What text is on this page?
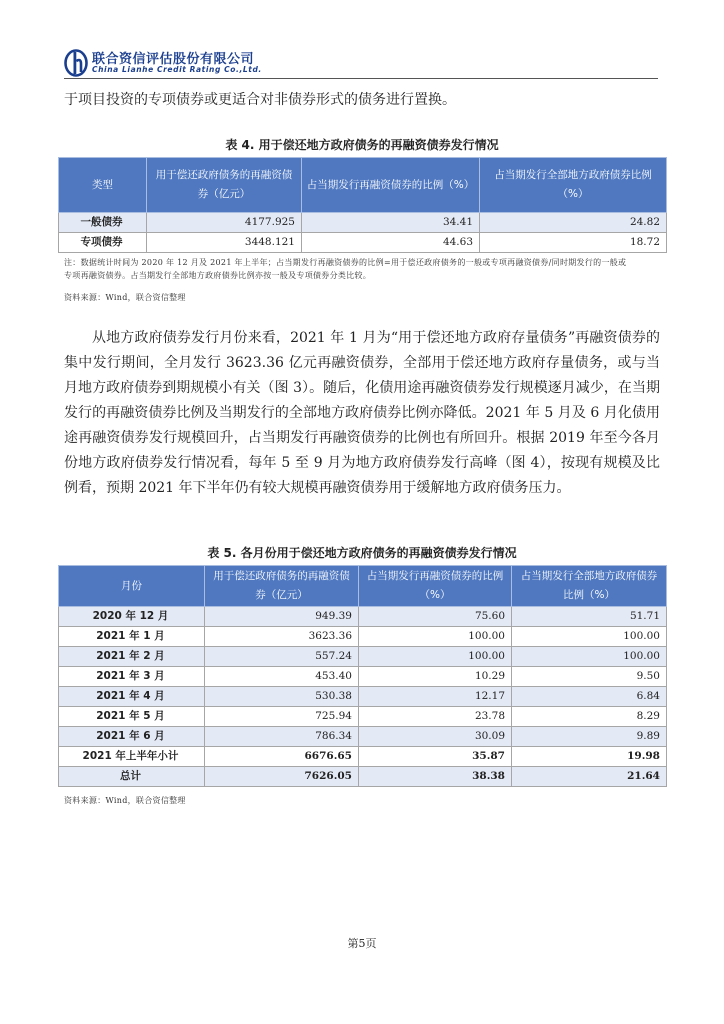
联合资信评估股份有限公司
China Lianhe Credit Rating Co.,Ltd.
于项目投资的专项债券或更适合对非债券形式的债务进行置换。
表 4. 用于偿还地方政府债务的再融资债券发行情况
类型	用于偿还政府债务的再融资债券（亿元）	占当期发行再融资债券的比例（%）	占当期发行全部地方政府债券比例（%）
一般债券	4177.925	34.41	24.82
专项债券	3448.121	44.63	18.72
注：数据统计时间为 2020 年 12 月及 2021 年上半年；占当期发行再融资债券的比例=用于偿还政府债务的一般或专项再融资债券/同时期发行的一般或
专项再融资债券。占当期发行全部地方政府债券比例亦按一般及专项债券分类比较。
资料来源：Wind，联合资信整理
从地方政府债券发行月份来看，2021 年 1 月为“用于偿还地方政府存量债务”再融资债券的集中发行期间，全月发行 3623.36 亿元再融资债券，全部用于偿还地方政府存量债务，或与当月地方政府债券到期规模小有关（图 3）。随后，化债用途再融资债券发行规模逐月减少，在当期发行的再融资债券比例及当期发行的全部地方政府债券比例亦降低。2021 年 5 月及 6 月化债用途再融资债券发行规模回升，占当期发行再融资债券的比例也有所回升。根据 2019 年至今各月份地方政府债券发行情况看，每年 5 至 9 月为地方政府债券发行高峰（图 4），按现有规模及比例看，预期 2021 年下半年仍有较大规模再融资债券用于缓解地方政府债务压力。
表 5. 各月份用于偿还地方政府债务的再融资债券发行情况
月份	用于偿还政府债务的再融资债券（亿元）	占当期发行再融资债券的比例（%）	占当期发行全部地方政府债券比例（%）
2020 年 12 月	949.39	75.60	51.71
2021 年 1 月	3623.36	100.00	100.00
2021 年 2 月	557.24	100.00	100.00
2021 年 3 月	453.40	10.29	9.50
2021 年 4 月	530.38	12.17	6.84
2021 年 5 月	725.94	23.78	8.29
2021 年 6 月	786.34	30.09	9.89
2021 年上半年小计	6676.65	35.87	19.98
总计	7626.05	38.38	21.64
资料来源：Wind，联合资信整理
第5页
